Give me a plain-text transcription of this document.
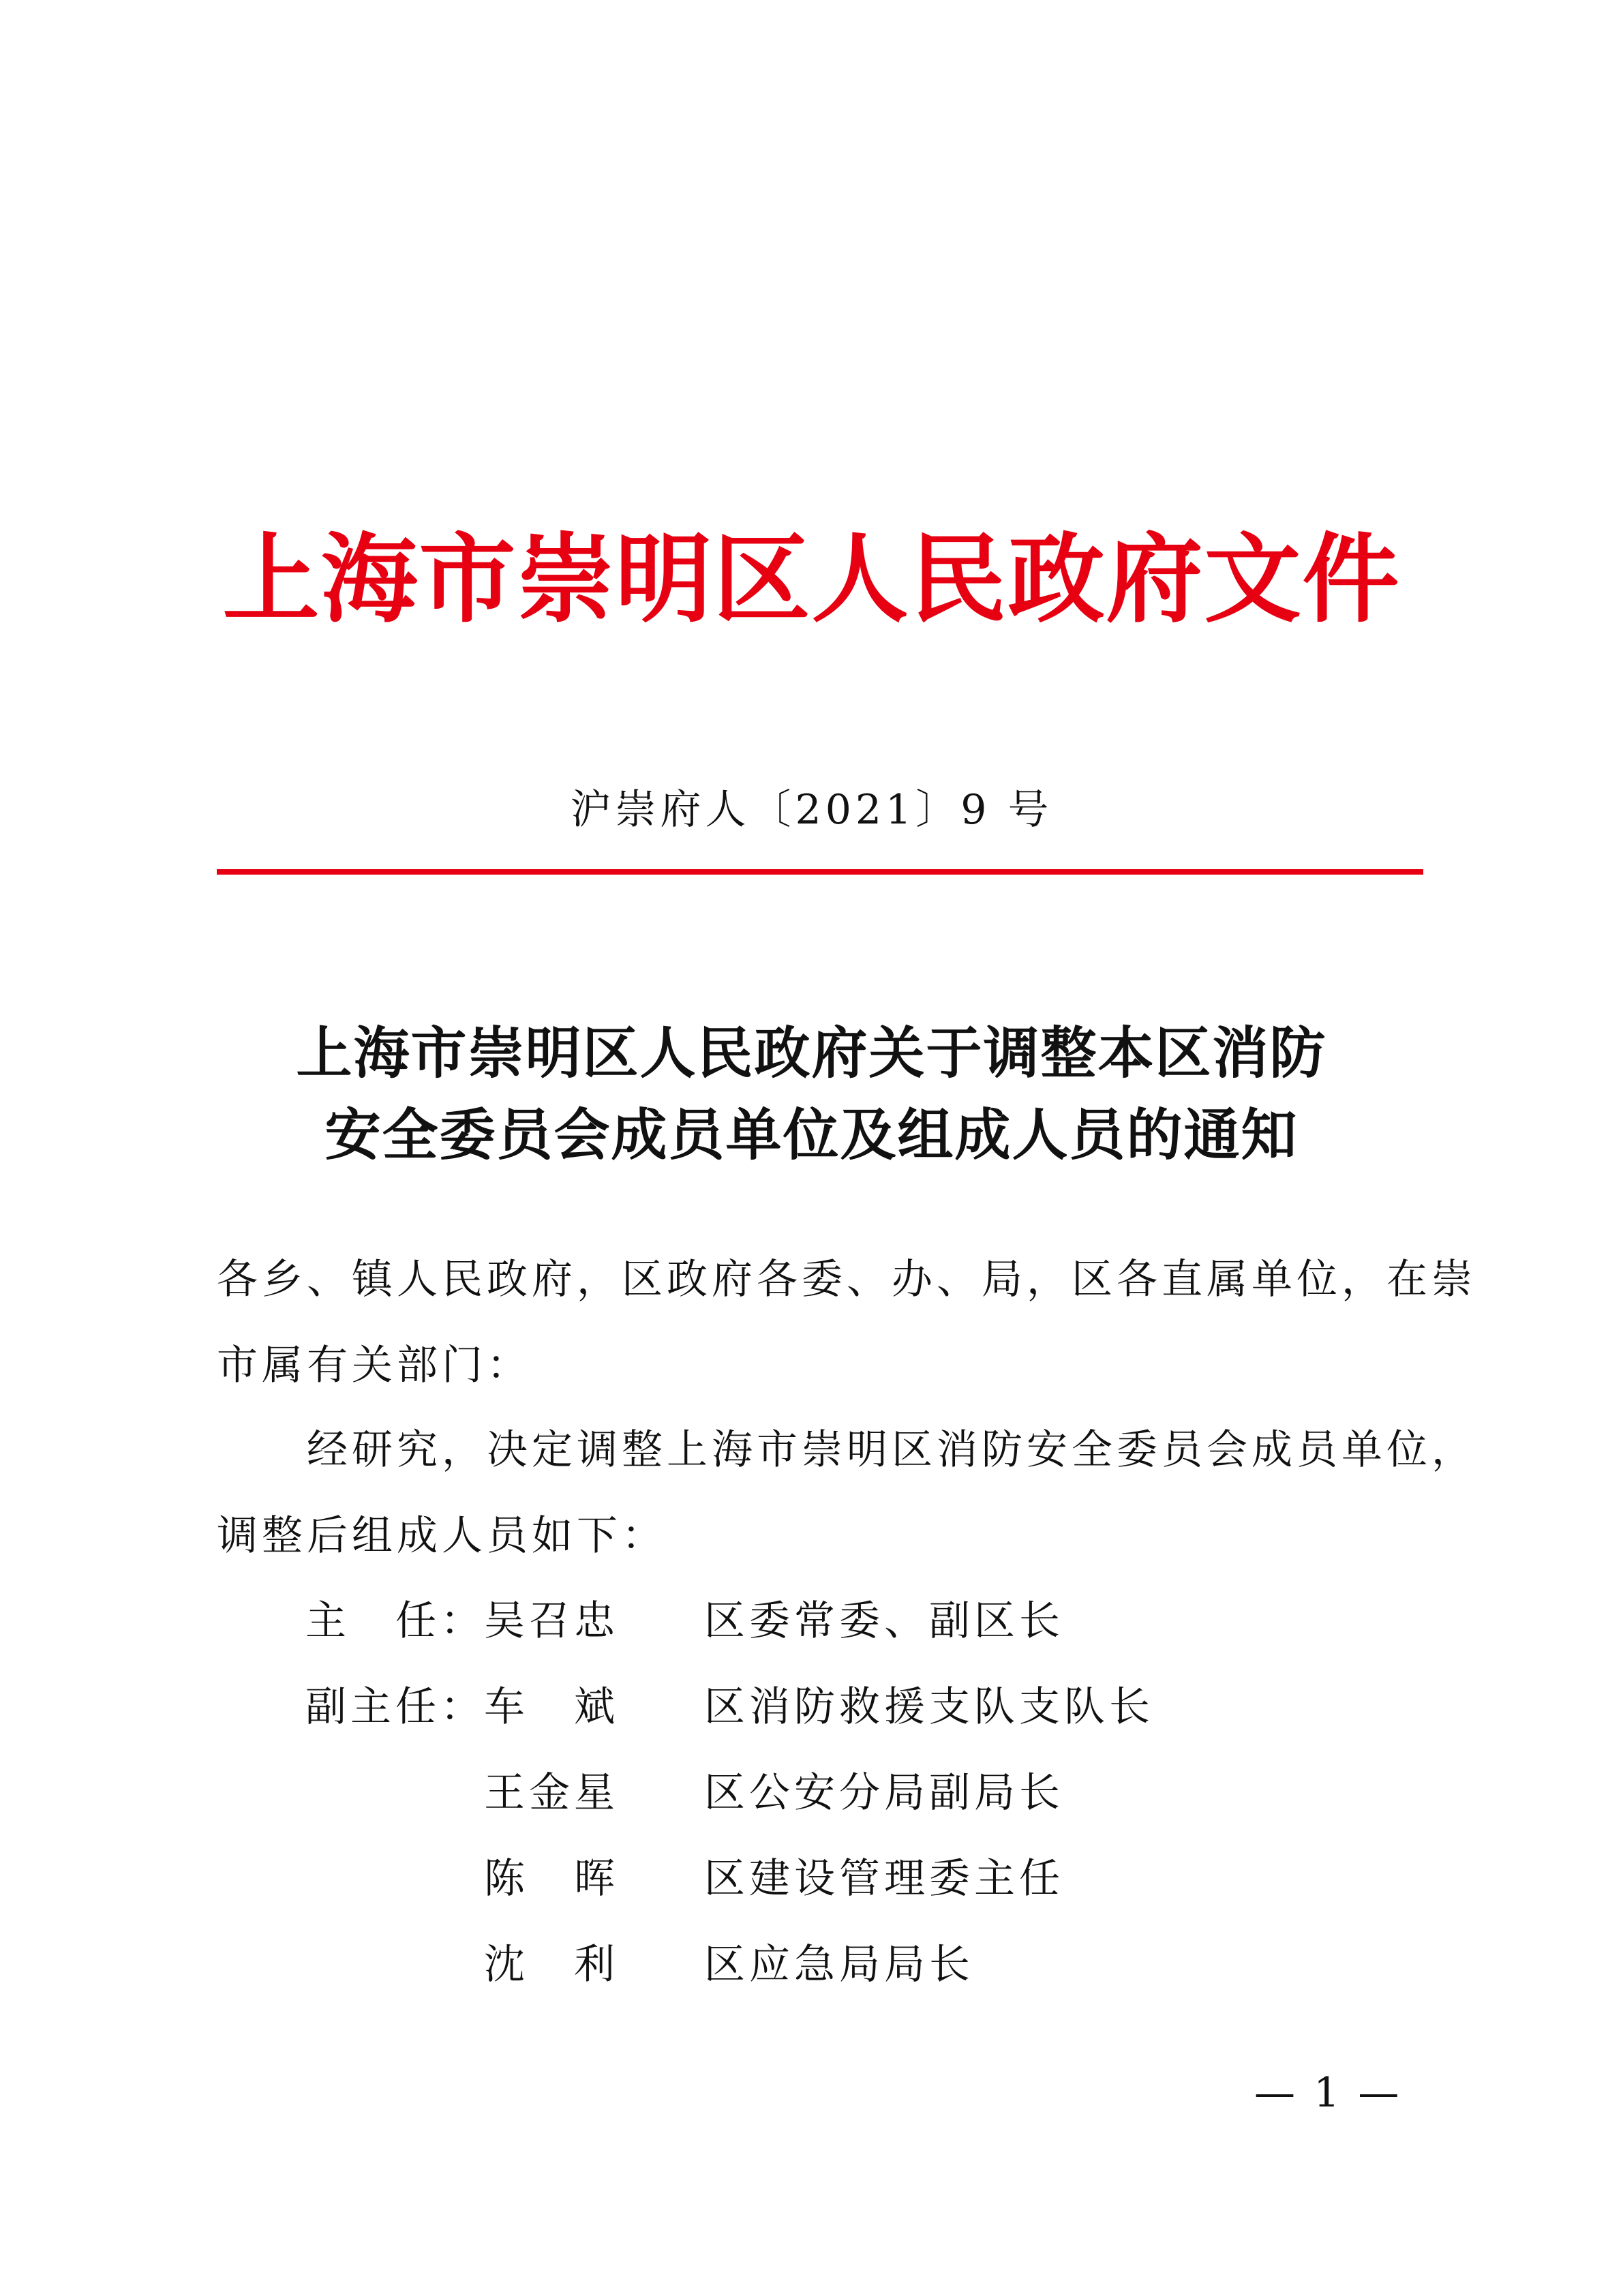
上海市崇明区人民政府文件
沪崇府人〔2021〕9 号
上海市崇明区人民政府关于调整本区消防
安全委员会成员单位及组成人员的通知
各乡、镇人民政府，区政府各委、办、局，区各直属单位，在崇
市属有关部门：
　　经研究，决定调整上海市崇明区消防安全委员会成员单位，
调整后组成人员如下：
主　任：
吴召忠	区委常委、副区长
副主任：
车　斌	区消防救援支队支队长
王金星	区公安分局副局长
陈　晖	区建设管理委主任
沈　利	区应急局局长
— 1 —
